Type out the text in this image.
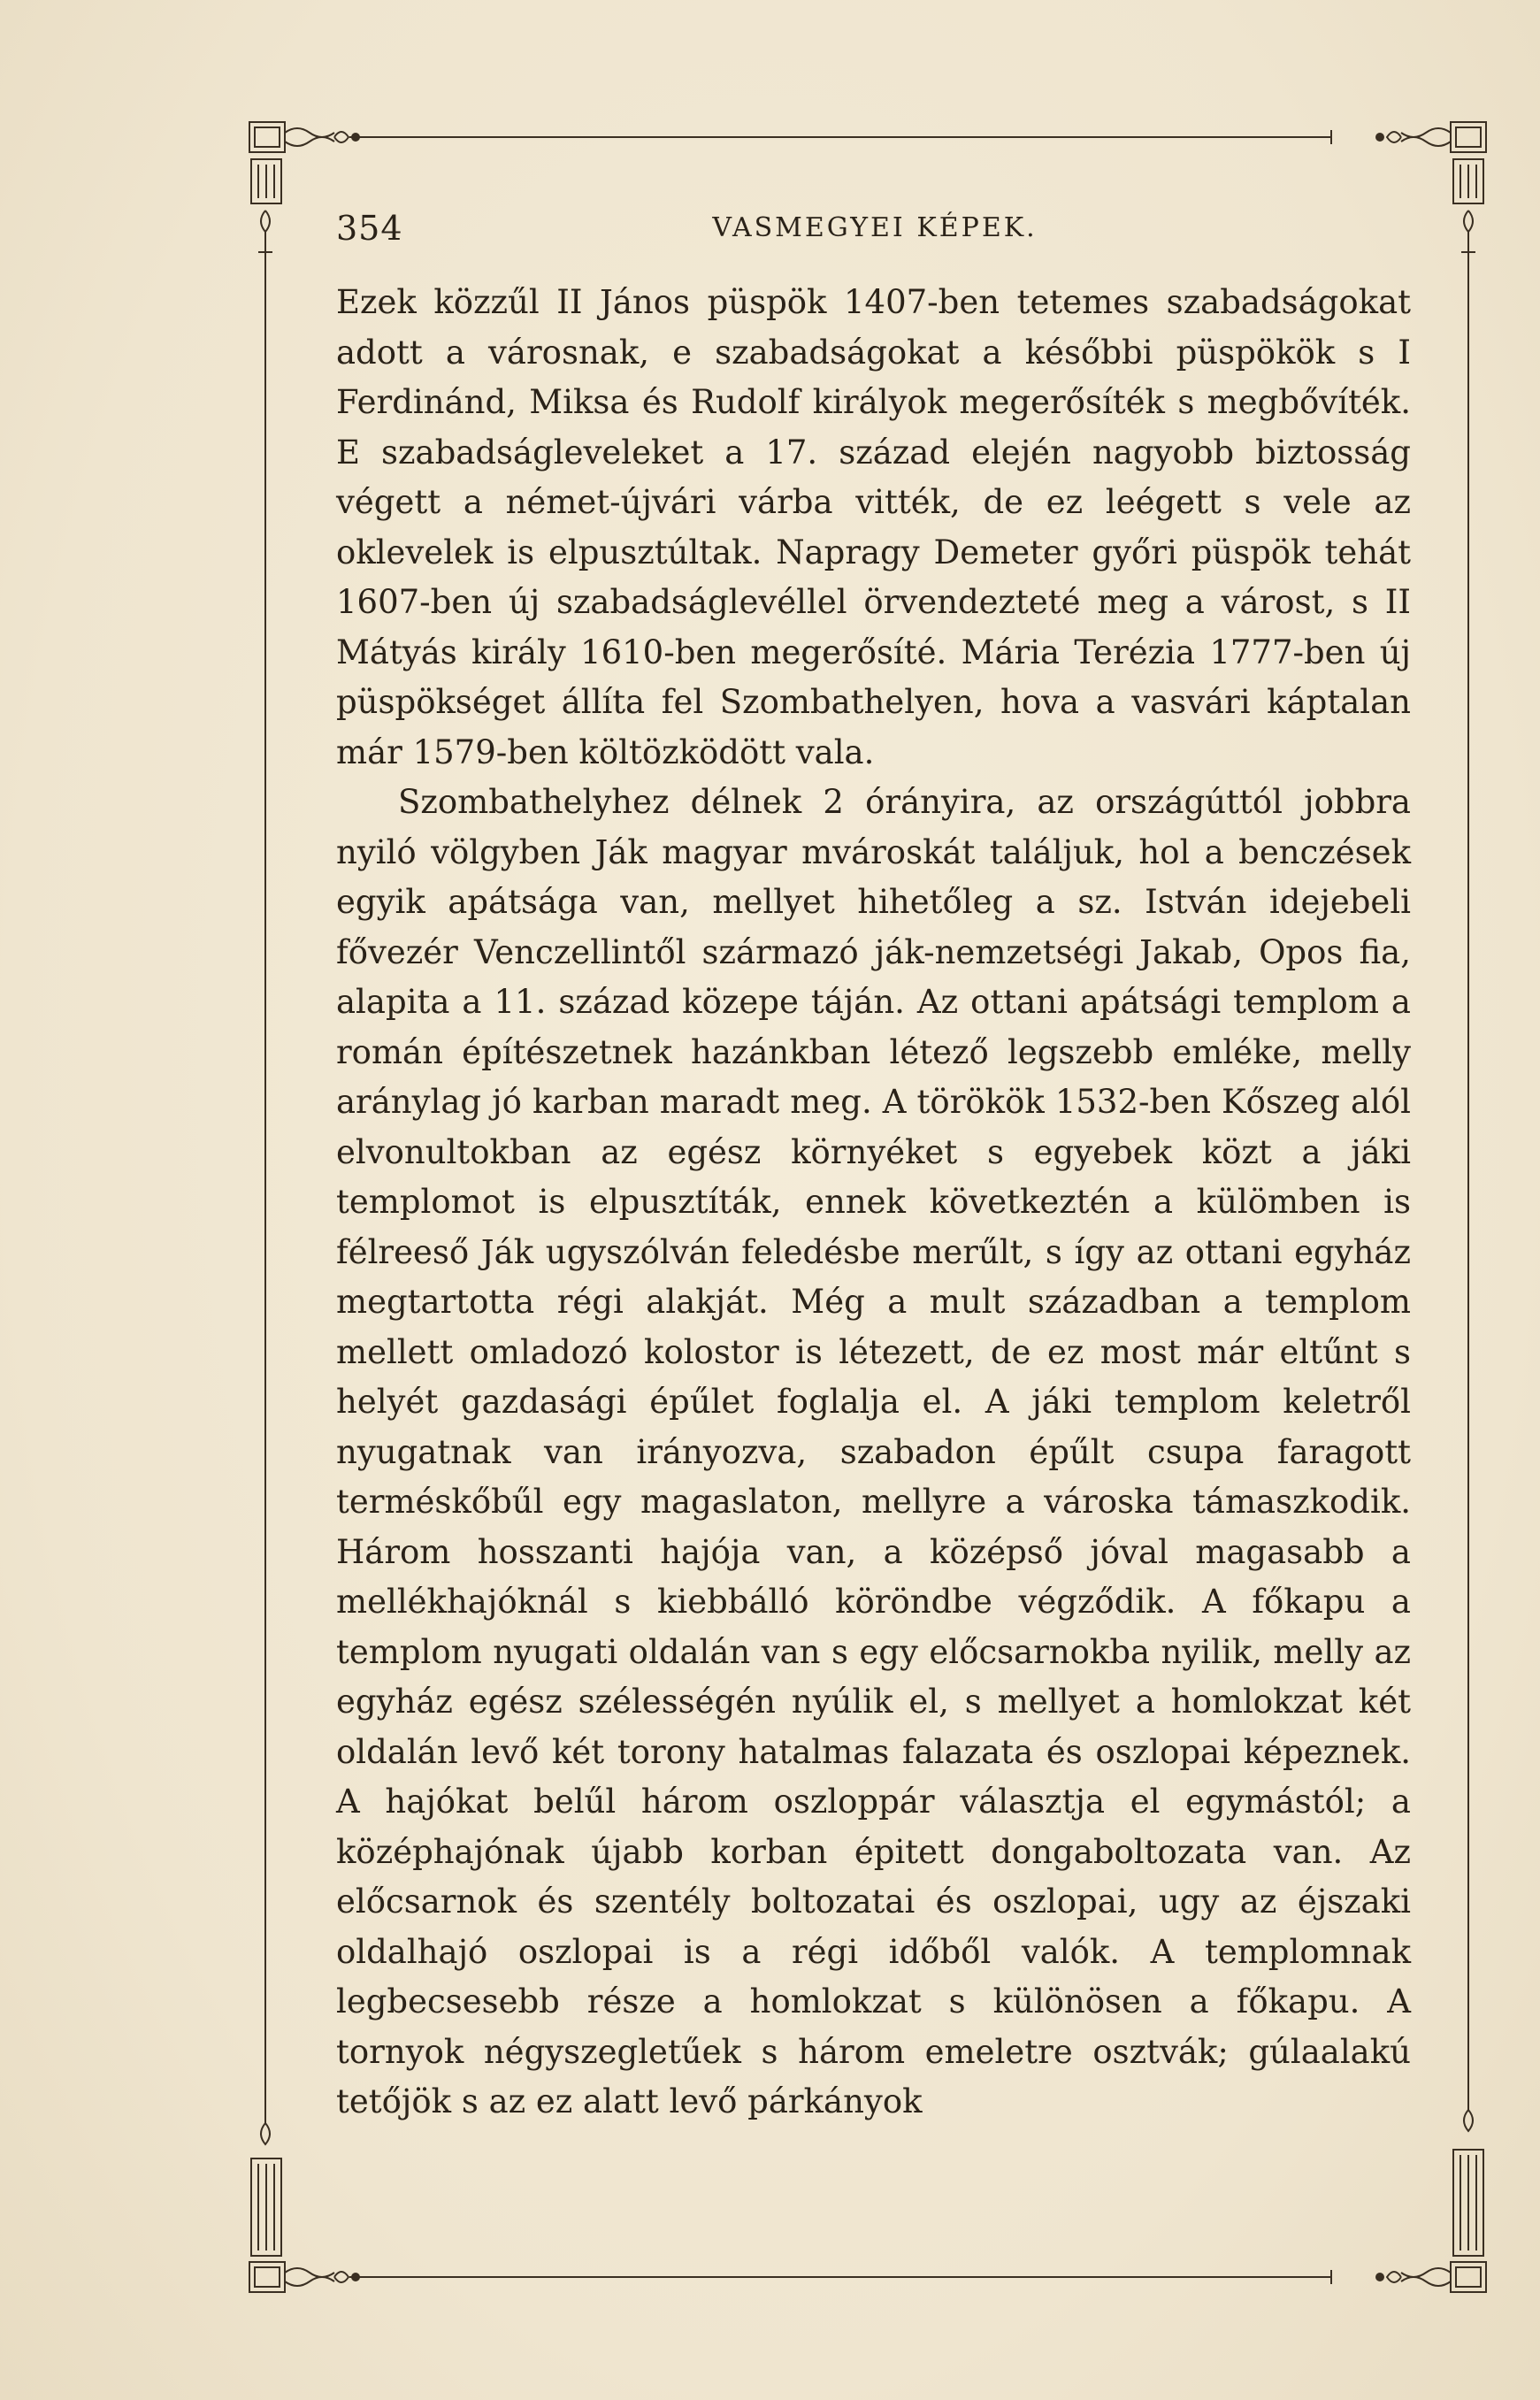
354	VASMEGYEI KÉPEK.

Ezek közzűl II János püspök 1407-ben tetemes szabadságokat adott a városnak, e szabadságokat a későbbi püspökök s I Ferdinánd, Miksa és Rudolf királyok megerősíték s megbővíték. E szabadságleveleket a 17. század elején nagyobb biztosság végett a német-újvári várba vitték, de ez leégett s vele az oklevelek is elpusztúltak. Napragy Demeter győri püspök tehát 1607-ben új szabadságlevéllel örvendezteté meg a várost, s II Mátyás király 1610-ben megerősíté. Mária Terézia 1777-ben új püspökséget állíta fel Szombathelyen, hova a vasvári káptalan már 1579-ben költözködött vala.

Szombathelyhez délnek 2 órányira, az országúttól jobbra nyiló völgyben Ják magyar mvároskát találjuk, hol a benczések egyik apátsága van, mellyet hihetőleg a sz. István idejebeli fővezér Venczellintől származó ják-nemzetségi Jakab, Opos fia, alapita a 11. század közepe táján. Az ottani apátsági templom a román építészetnek hazánkban létező legszebb emléke, melly aránylag jó karban maradt meg. A törökök 1532-ben Kőszeg alól elvonultokban az egész környéket s egyebek közt a jáki templomot is elpusztíták, ennek következtén a külömben is félreeső Ják ugyszólván feledésbe merűlt, s így az ottani egyház megtartotta régi alakját. Még a mult században a templom mellett omladozó kolostor is létezett, de ez most már eltűnt s helyét gazdasági épűlet foglalja el. A jáki templom keletről nyugatnak van irányozva, szabadon épűlt csupa faragott terméskőbűl egy magaslaton, mellyre a városka támaszkodik. Három hosszanti hajója van, a középső jóval magasabb a mellékhajóknál s kiebbálló köröndbe végződik. A főkapu a templom nyugati oldalán van s egy előcsarnokba nyilik, melly az egyház egész szélességén nyúlik el, s mellyet a homlokzat két oldalán levő két torony hatalmas falazata és oszlopai képeznek. A hajókat belűl három oszloppár választja el egymástól; a középhajónak újabb korban épitett dongaboltozata van. Az előcsarnok és szentély boltozatai és oszlopai, ugy az éjszaki oldalhajó oszlopai is a régi időből valók. A templomnak legbecsesebb része a homlokzat s különösen a főkapu. A tornyok négyszegletűek s három emeletre osztvák; gúlaalakú tetőjök s az ez alatt levő párkányok
